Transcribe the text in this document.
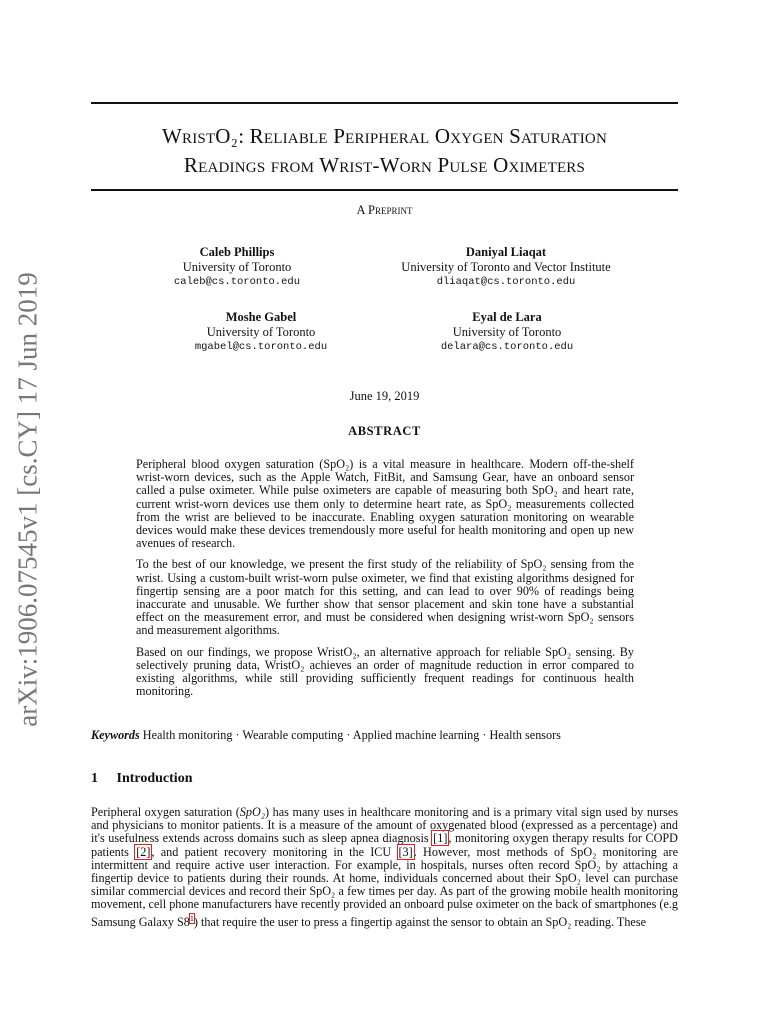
arXiv:1906.07545v1 [cs.CY] 17 Jun 2019
WristO₂: Reliable Peripheral Oxygen Saturation
Readings from Wrist-Worn Pulse Oximeters
A Preprint
Caleb Phillips
University of Toronto
caleb@cs.toronto.edu
Daniyal Liaqat
University of Toronto and Vector Institute
dliaqat@cs.toronto.edu
Moshe Gabel
University of Toronto
mgabel@cs.toronto.edu
Eyal de Lara
University of Toronto
delara@cs.toronto.edu
June 19, 2019
ABSTRACT

Peripheral blood oxygen saturation (SpO₂) is a vital measure in healthcare. Modern off-the-shelf wrist-worn devices, such as the Apple Watch, FitBit, and Samsung Gear, have an onboard sensor called a pulse oximeter. While pulse oximeters are capable of measuring both SpO₂ and heart rate, current wrist-worn devices use them only to determine heart rate, as SpO₂ measurements collected from the wrist are believed to be inaccurate. Enabling oxygen saturation monitoring on wearable devices would make these devices tremendously more useful for health monitoring and open up new avenues of research.

To the best of our knowledge, we present the first study of the reliability of SpO₂ sensing from the wrist. Using a custom-built wrist-worn pulse oximeter, we find that existing algorithms designed for fingertip sensing are a poor match for this setting, and can lead to over 90% of readings being inaccurate and unusable. We further show that sensor placement and skin tone have a substantial effect on the measurement error, and must be considered when designing wrist-worn SpO₂ sensors and measurement algorithms.

Based on our findings, we propose WristO₂, an alternative approach for reliable SpO₂ sensing. By selectively pruning data, WristO₂ achieves an order of magnitude reduction in error compared to existing algorithms, while still providing sufficiently frequent readings for continuous health monitoring.

Keywords Health monitoring · Wearable computing · Applied machine learning · Health sensors
1 Introduction

Peripheral oxygen saturation (SpO₂) has many uses in healthcare monitoring and is a primary vital sign used by nurses and physicians to monitor patients. It is a measure of the amount of oxygenated blood (expressed as a percentage) and it's usefulness extends across domains such as sleep apnea diagnosis [1], monitoring oxygen therapy results for COPD patients [2], and patient recovery monitoring in the ICU [3]. However, most methods of SpO₂ monitoring are intermittent and require active user interaction. For example, in hospitals, nurses often record SpO₂ by attaching a fingertip device to patients during their rounds. At home, individuals concerned about their SpO₂ level can purchase similar commercial devices and record their SpO₂ a few times per day. As part of the growing mobile health monitoring movement, cell phone manufacturers have recently provided an onboard pulse oximeter on the back of smartphones (e.g Samsung Galaxy S8$^1$) that require the user to press a fingertip against the sensor to obtain an SpO₂ reading. These
